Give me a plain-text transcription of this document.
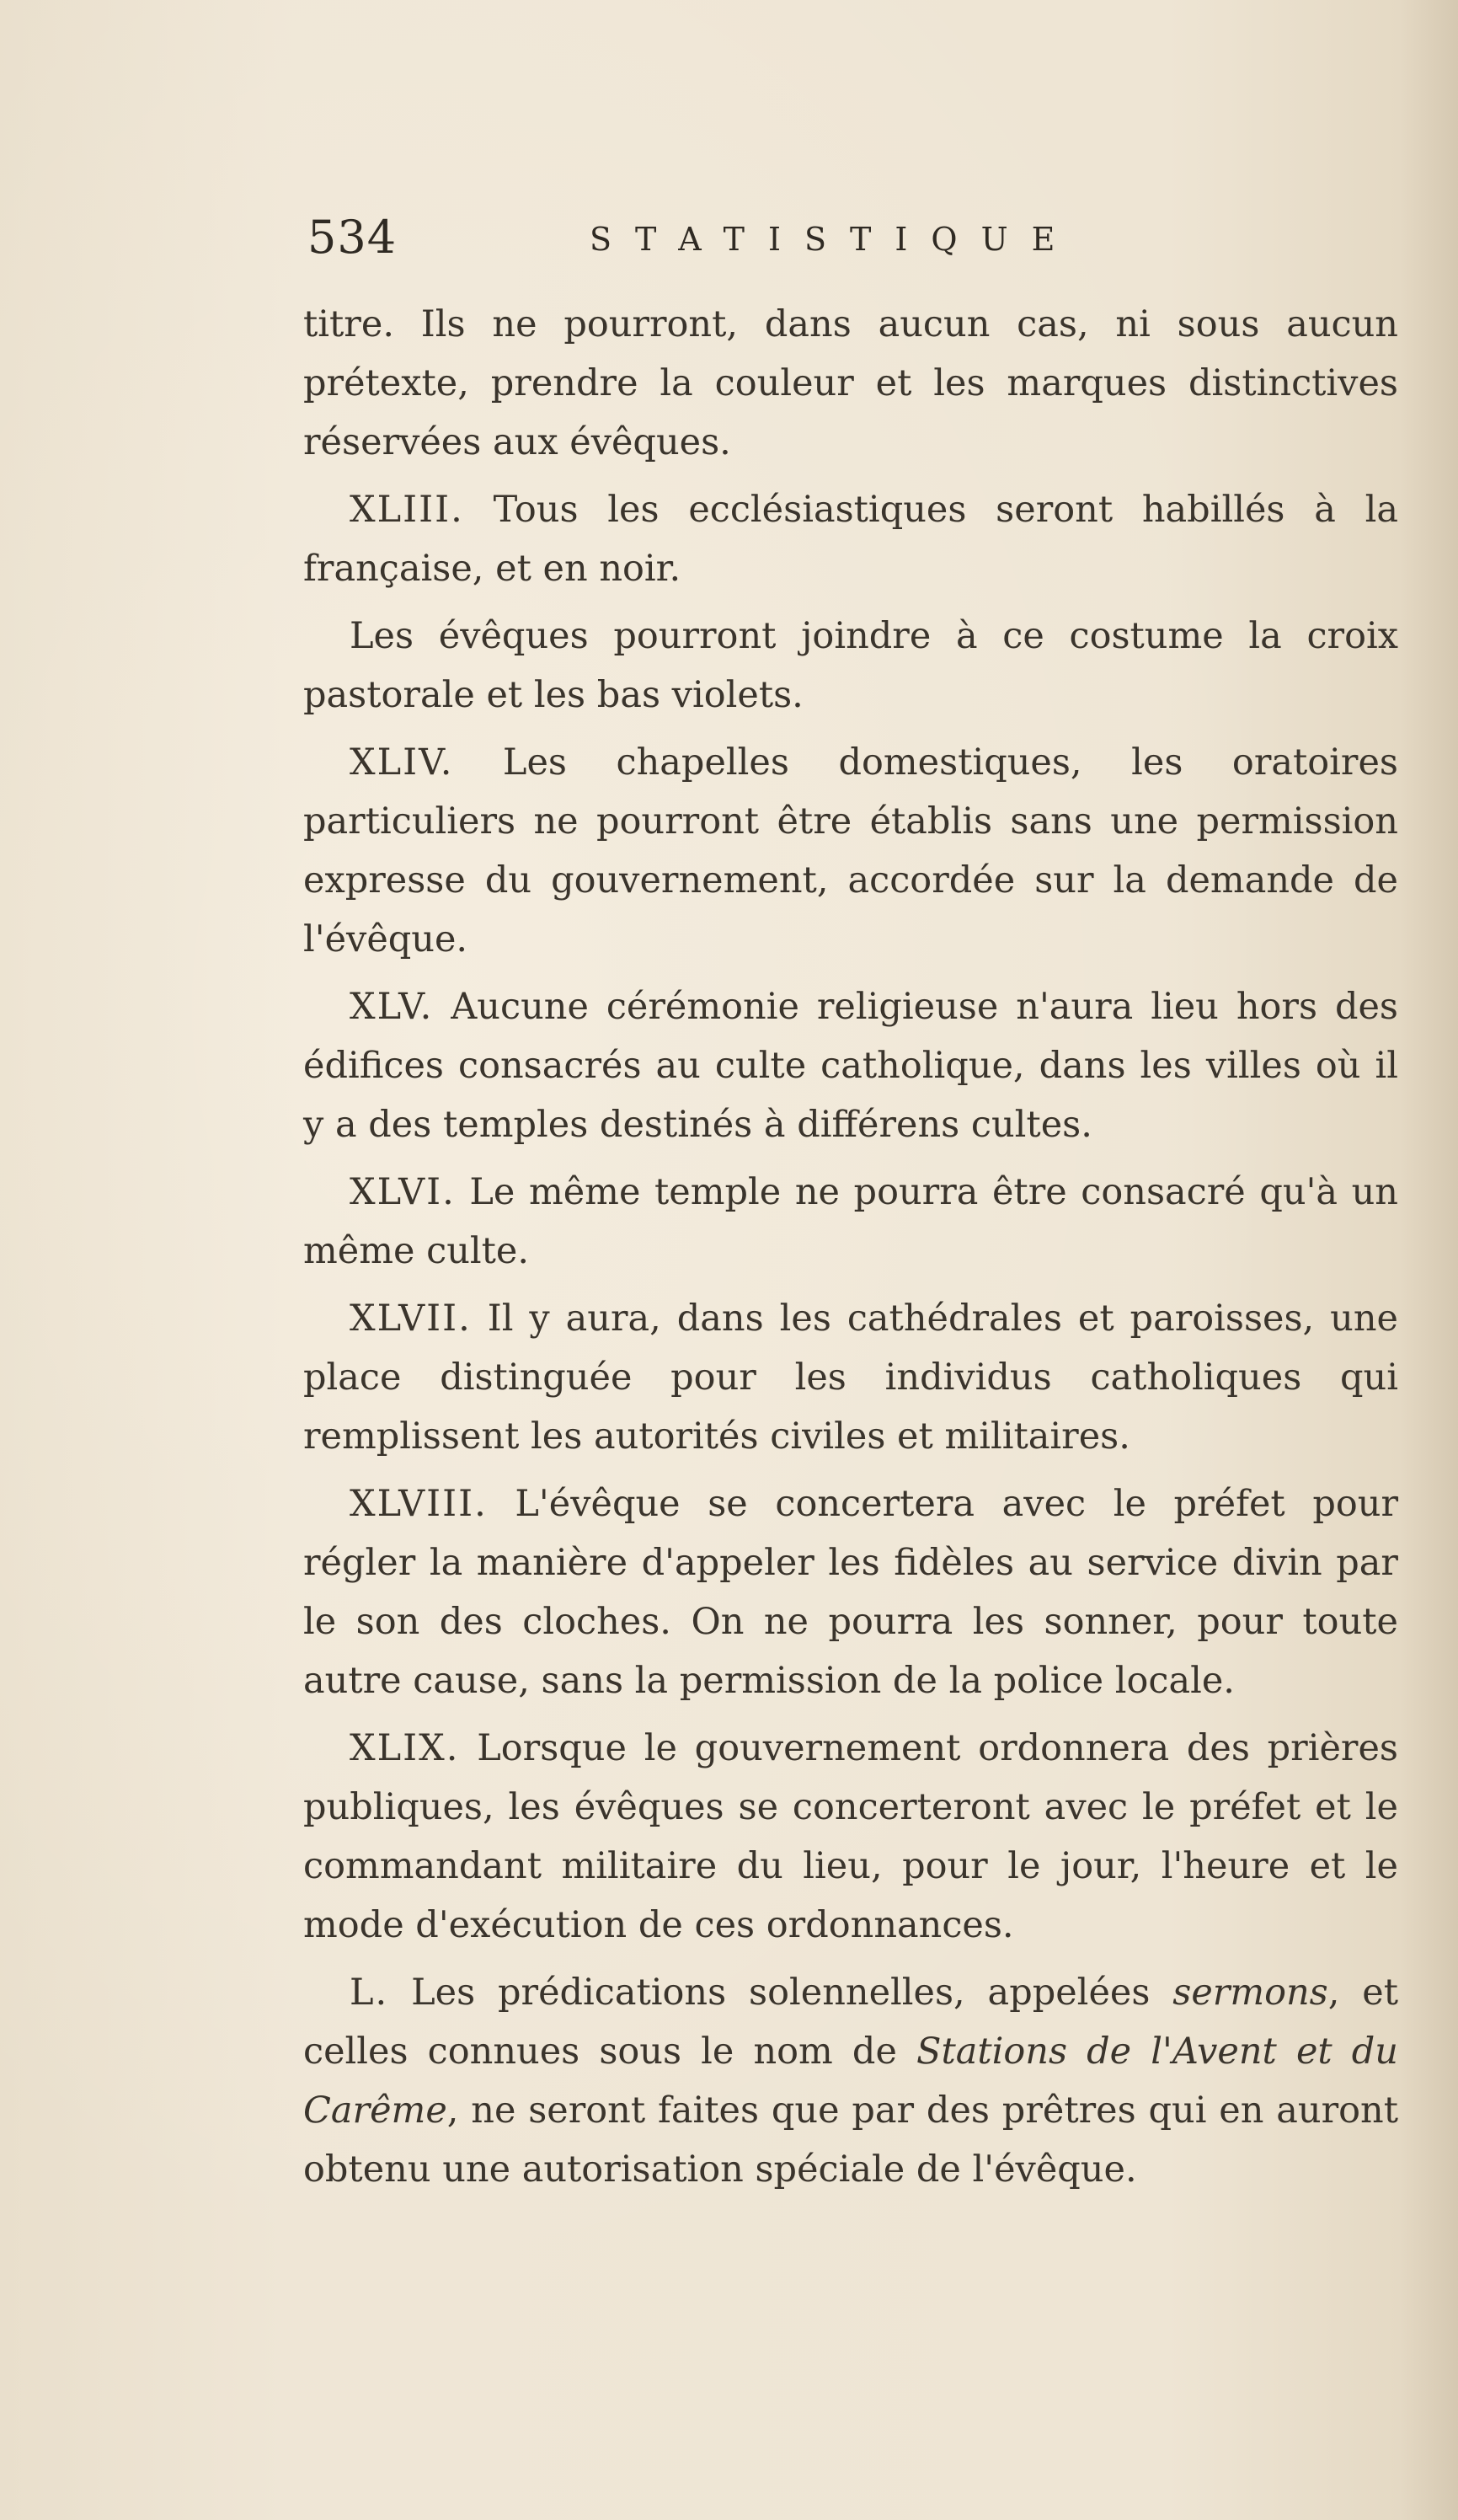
534	STATISTIQUE

titre. Ils ne pourront, dans aucun cas, ni sous aucun prétexte, prendre la couleur et les marques distinctives réservées aux évêques.

XLIII. Tous les ecclésiastiques seront habillés à la française, et en noir.

Les évêques pourront joindre à ce costume la croix pastorale et les bas violets.

XLIV. Les chapelles domestiques, les oratoires particuliers ne pourront être établis sans une permission expresse du gouvernement, accordée sur la demande de l'évêque.

XLV. Aucune cérémonie religieuse n'aura lieu hors des édifices consacrés au culte catholique, dans les villes où il y a des temples destinés à différens cultes.

XLVI. Le même temple ne pourra être consacré qu'à un même culte.

XLVII. Il y aura, dans les cathédrales et paroisses, une place distinguée pour les individus catholiques qui remplissent les autorités civiles et militaires.

XLVIII. L'évêque se concertera avec le préfet pour régler la manière d'appeler les fidèles au service divin par le son des cloches. On ne pourra les sonner, pour toute autre cause, sans la permission de la police locale.

XLIX. Lorsque le gouvernement ordonnera des prières publiques, les évêques se concerteront avec le préfet et le commandant militaire du lieu, pour le jour, l'heure et le mode d'exécution de ces ordonnances.

L. Les prédications solennelles, appelées sermons, et celles connues sous le nom de Stations de l'Avent et du Carême, ne seront faites que par des prêtres qui en auront obtenu une autorisation spéciale de l'évêque.
